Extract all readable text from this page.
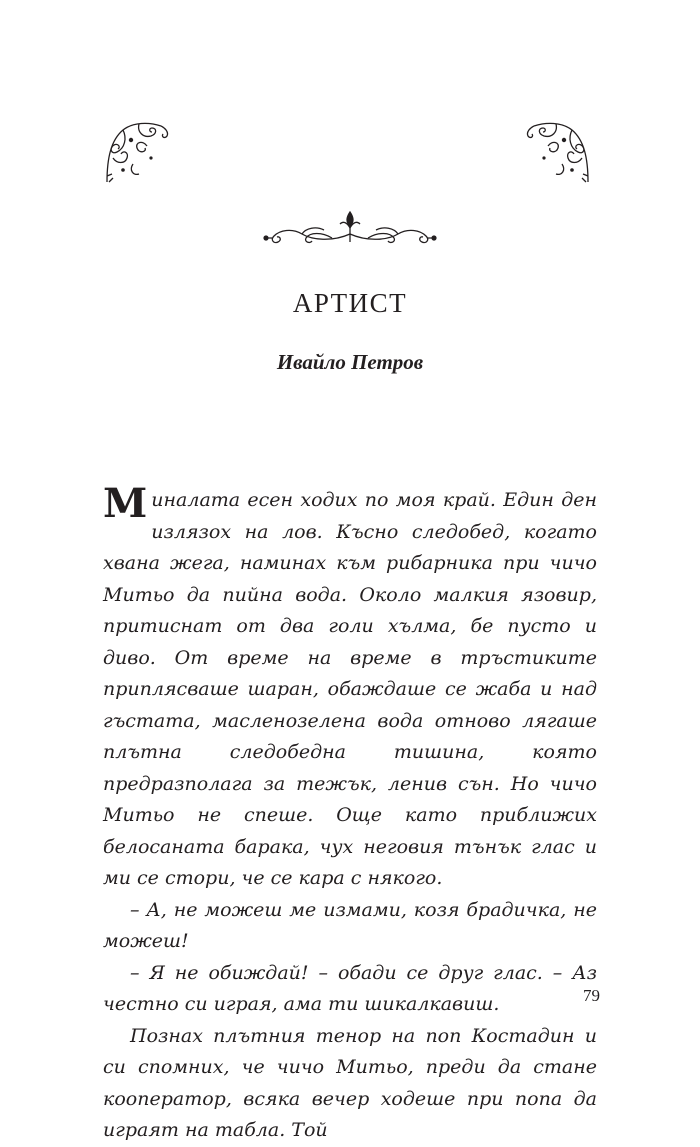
АРТИСТ
Ивайло Петров

Миналата есен ходих по моя край. Един ден излязох на лов. Късно следобед, когато хвана жега, наминах към рибарника при чичо Митьо да пийна вода. Около малкия язовир, притиснат от два голи хълма, бе пусто и диво. От време на време в тръстиките приплясваше шаран, обаждаше се жаба и над гъстата, масленозелена вода отново лягаше плътна следобедна тишина, която предразполага за тежък, ленив сън. Но чичо Митьо не спеше. Още като приближих белосаната барака, чух неговия тънък глас и ми се стори, че се кара с някого.

– А, не можеш ме измами, козя брадичка, не можеш!

– Я не обиждай! – обади се друг глас. – Аз честно си играя, ама ти шикалкавиш.

Познах плътния тенор на поп Костадин и си спомних, че чичо Митьо, преди да стане кооператор, всяка вечер ходеше при попа да играят на табла. Той

79
